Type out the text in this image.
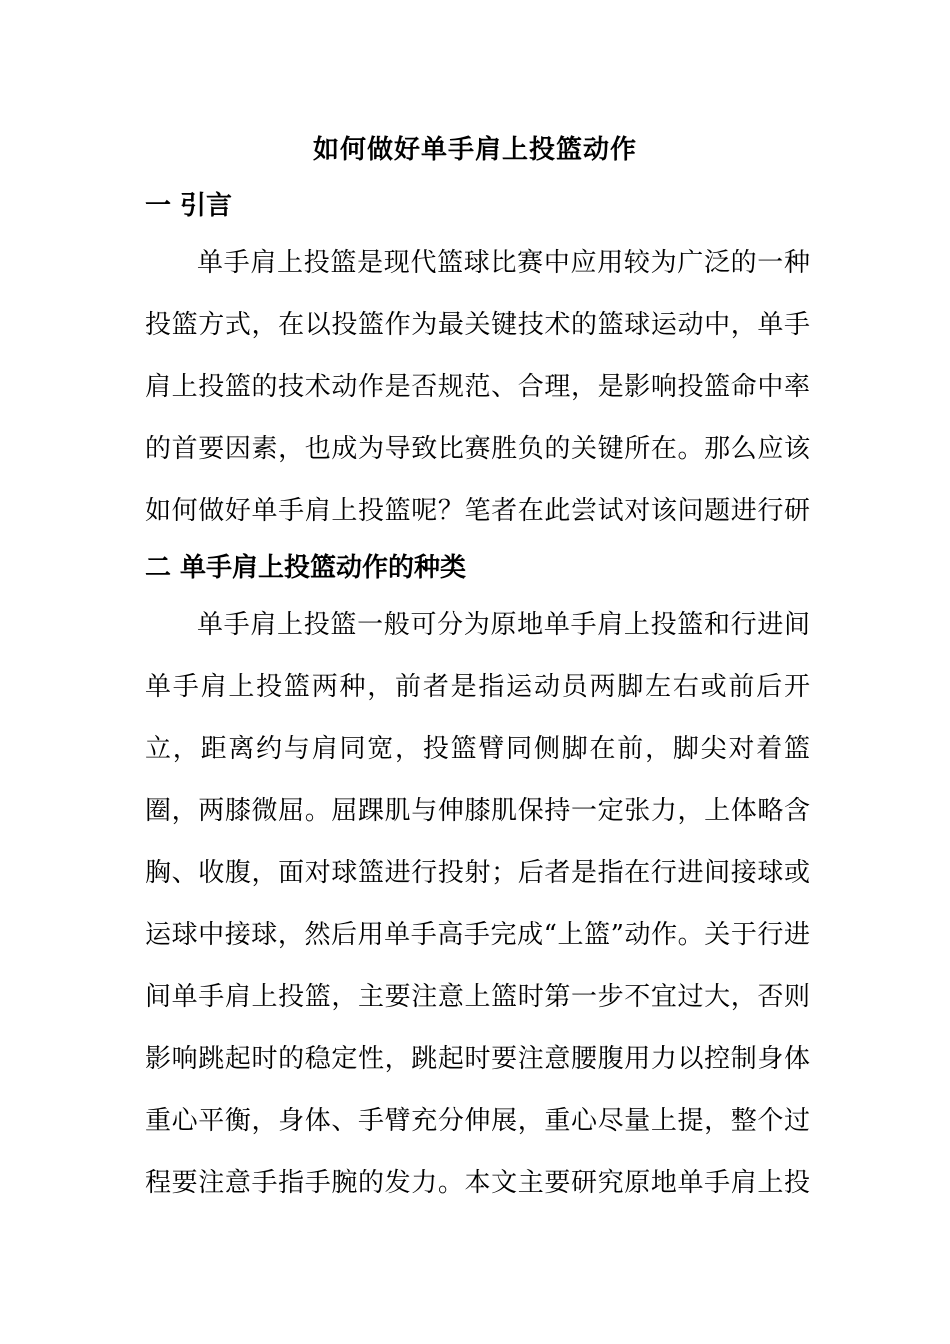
如何做好单手肩上投篮动作
一 引言

单手肩上投篮是现代篮球比赛中应用较为广泛的一种投篮方式，在以投篮作为最关键技术的篮球运动中，单手肩上投篮的技术动作是否规范、合理，是影响投篮命中率的首要因素，也成为导致比赛胜负的关键所在。那么应该如何做好单手肩上投篮呢？笔者在此尝试对该问题进行研

二 单手肩上投篮动作的种类

单手肩上投篮一般可分为原地单手肩上投篮和行进间单手肩上投篮两种，前者是指运动员两脚左右或前后开立，距离约与肩同宽，投篮臂同侧脚在前，脚尖对着篮圈，两膝微屈。屈踝肌与伸膝肌保持一定张力，上体略含胸、收腹，面对球篮进行投射；后者是指在行进间接球或运球中接球，然后用单手高手完成“上篮”动作。关于行进间单手肩上投篮，主要注意上篮时第一步不宜过大，否则影响跳起时的稳定性，跳起时要注意腰腹用力以控制身体重心平衡，身体、手臂充分伸展，重心尽量上提，整个过程要注意手指手腕的发力。本文主要研究原地单手肩上投
